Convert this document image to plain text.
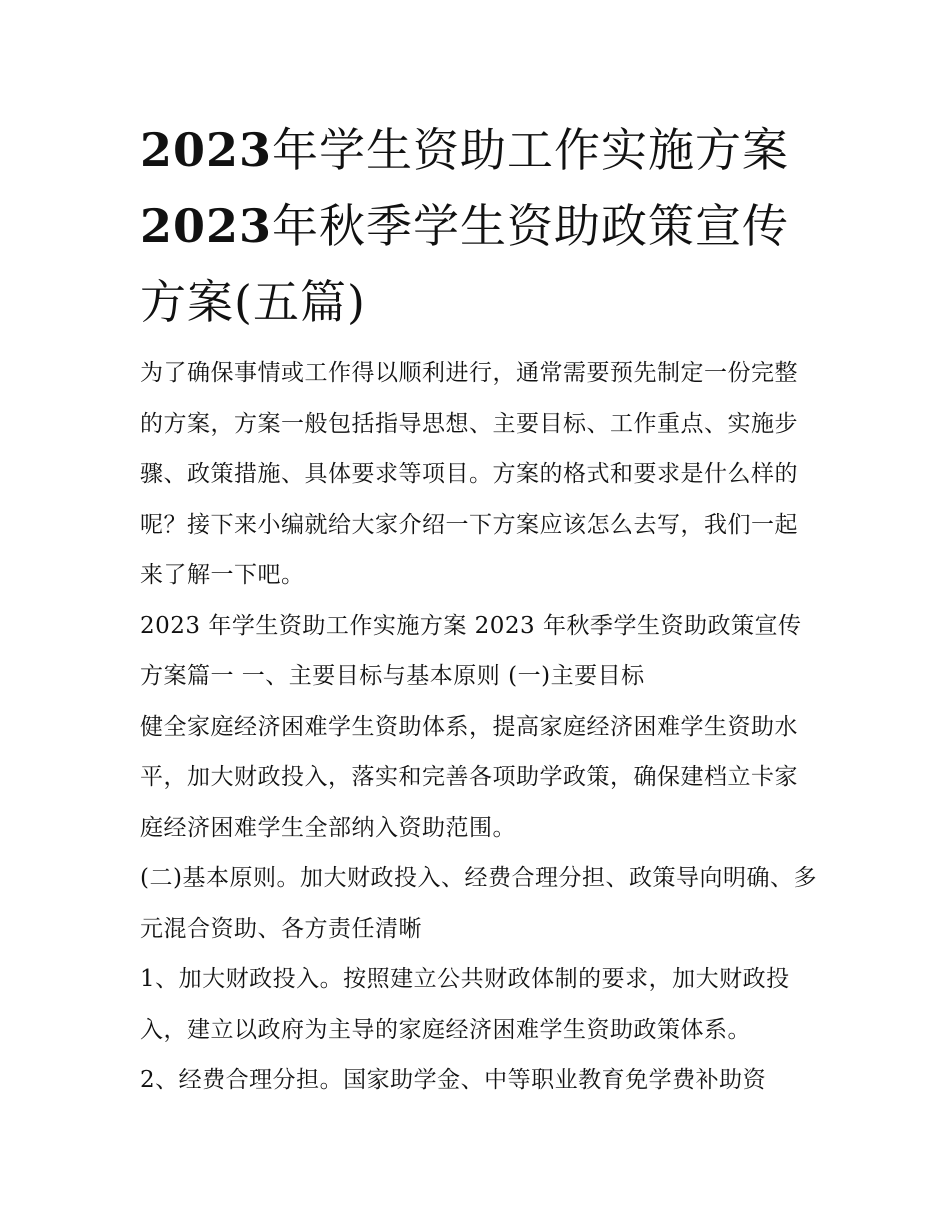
2023年学生资助工作实施方案
2023年秋季学生资助政策宣传
方案(五篇)

为了确保事情或工作得以顺利进行，通常需要预先制定一份完整的方案，方案一般包括指导思想、主要目标、工作重点、实施步骤、政策措施、具体要求等项目。方案的格式和要求是什么样的呢？接下来小编就给大家介绍一下方案应该怎么去写，我们一起来了解一下吧。

2023 年学生资助工作实施方案 2023 年秋季学生资助政策宣传方案篇一 一、主要目标与基本原则 (一)主要目标

健全家庭经济困难学生资助体系，提高家庭经济困难学生资助水平，加大财政投入，落实和完善各项助学政策，确保建档立卡家庭经济困难学生全部纳入资助范围。

(二)基本原则。加大财政投入、经费合理分担、政策导向明确、多元混合资助、各方责任清晰

1、加大财政投入。按照建立公共财政体制的要求，加大财政投入，建立以政府为主导的家庭经济困难学生资助政策体系。

2、经费合理分担。国家助学金、中等职业教育免学费补助资
